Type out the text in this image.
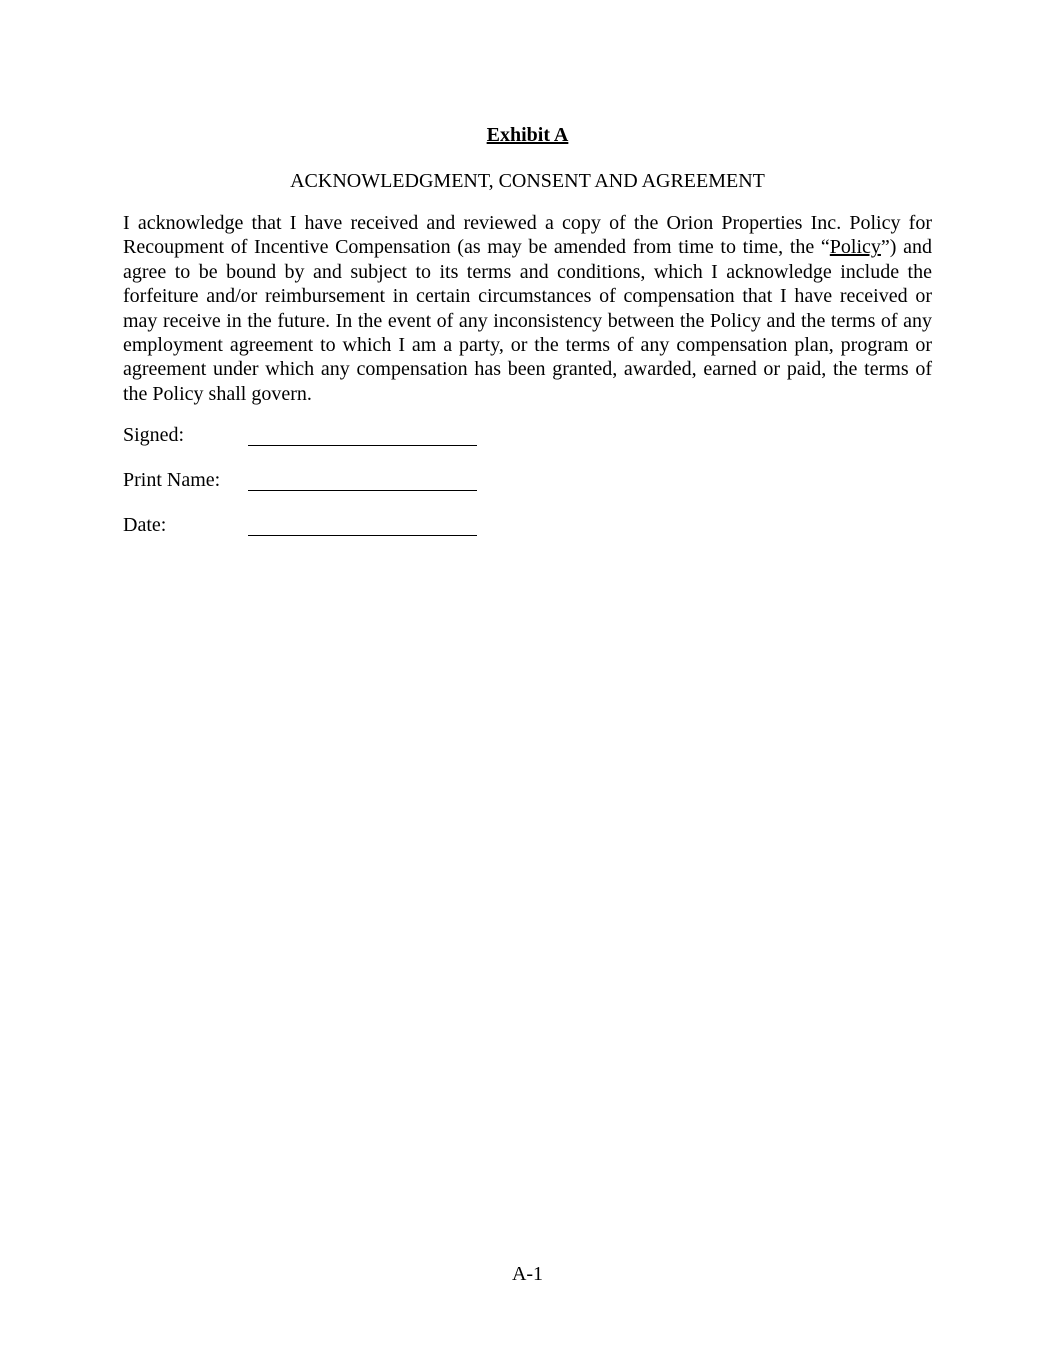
Exhibit A
ACKNOWLEDGMENT, CONSENT AND AGREEMENT
I acknowledge that I have received and reviewed a copy of the Orion Properties Inc. Policy for Recoupment of Incentive Compensation (as may be amended from time to time, the “Policy”) and agree to be bound by and subject to its terms and conditions, which I acknowledge include the forfeiture and/or reimbursement in certain circumstances of compensation that I have received or may receive in the future. In the event of any inconsistency between the Policy and the terms of any employment agreement to which I am a party, or the terms of any compensation plan, program or agreement under which any compensation has been granted, awarded, earned or paid, the terms of the Policy shall govern.
Signed:
Print Name:
Date:
A-1
